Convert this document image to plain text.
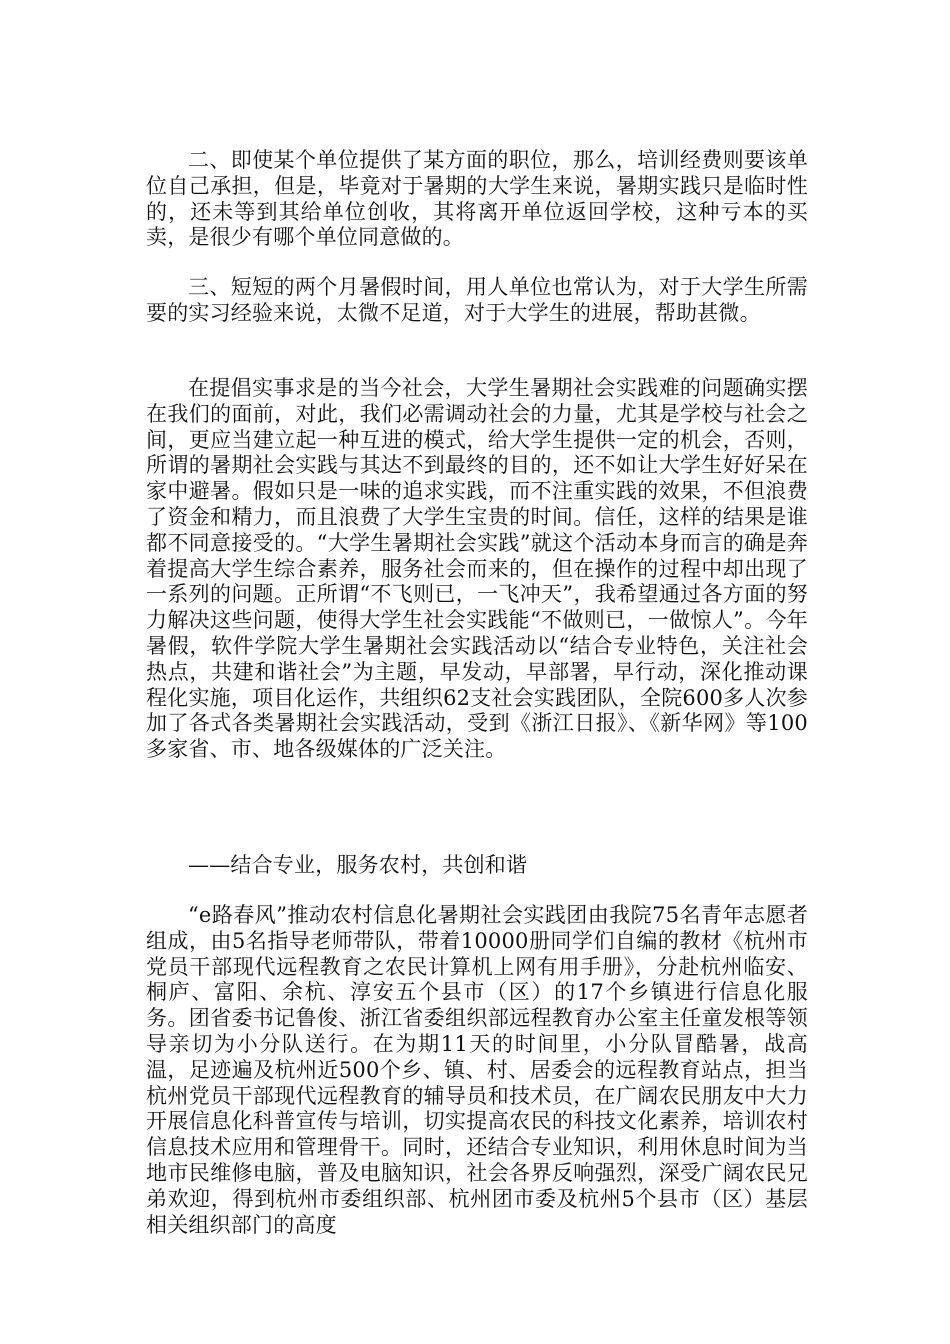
二、即使某个单位提供了某方面的职位，那么，培训经费则要该单位自己承担，但是，毕竟对于暑期的大学生来说，暑期实践只是临时性的，还未等到其给单位创收，其将离开单位返回学校，这种亏本的买卖，是很少有哪个单位同意做的。

三、短短的两个月暑假时间，用人单位也常认为，对于大学生所需要的实习经验来说，太微不足道，对于大学生的进展，帮助甚微。

在提倡实事求是的当今社会，大学生暑期社会实践难的问题确实摆在我们的面前，对此，我们必需调动社会的力量，尤其是学校与社会之间，更应当建立起一种互进的模式，给大学生提供一定的机会，否则，所谓的暑期社会实践与其达不到最终的目的，还不如让大学生好好呆在家中避暑。假如只是一味的追求实践，而不注重实践的效果，不但浪费了资金和精力，而且浪费了大学生宝贵的时间。信任，这样的结果是谁都不同意接受的。“大学生暑期社会实践”就这个活动本身而言的确是奔着提高大学生综合素养，服务社会而来的，但在操作的过程中却出现了一系列的问题。正所谓“不飞则已，一飞冲天”，我希望通过各方面的努力解决这些问题，使得大学生社会实践能“不做则已，一做惊人”。今年暑假，软件学院大学生暑期社会实践活动以“结合专业特色，关注社会热点，共建和谐社会”为主题，早发动，早部署，早行动，深化推动课程化实施，项目化运作，共组织62支社会实践团队，全院600多人次参加了各式各类暑期社会实践活动，受到《浙江日报》、《新华网》等100多家省、市、地各级媒体的广泛关注。

——结合专业，服务农村，共创和谐

“e路春风”推动农村信息化暑期社会实践团由我院75名青年志愿者组成，由5名指导老师带队，带着10000册同学们自编的教材《杭州市党员干部现代远程教育之农民计算机上网有用手册》，分赴杭州临安、桐庐、富阳、余杭、淳安五个县市（区）的17个乡镇进行信息化服务。团省委书记鲁俊、浙江省委组织部远程教育办公室主任童发根等领导亲切为小分队送行。在为期11天的时间里，小分队冒酷暑，战高温，足迹遍及杭州近500个乡、镇、村、居委会的远程教育站点，担当杭州党员干部现代远程教育的辅导员和技术员，在广阔农民朋友中大力开展信息化科普宣传与培训，切实提高农民的科技文化素养，培训农村信息技术应用和管理骨干。同时，还结合专业知识，利用休息时间为当地市民维修电脑，普及电脑知识，社会各界反响强烈，深受广阔农民兄弟欢迎，得到杭州市委组织部、杭州团市委及杭州5个县市（区）基层相关组织部门的高度
